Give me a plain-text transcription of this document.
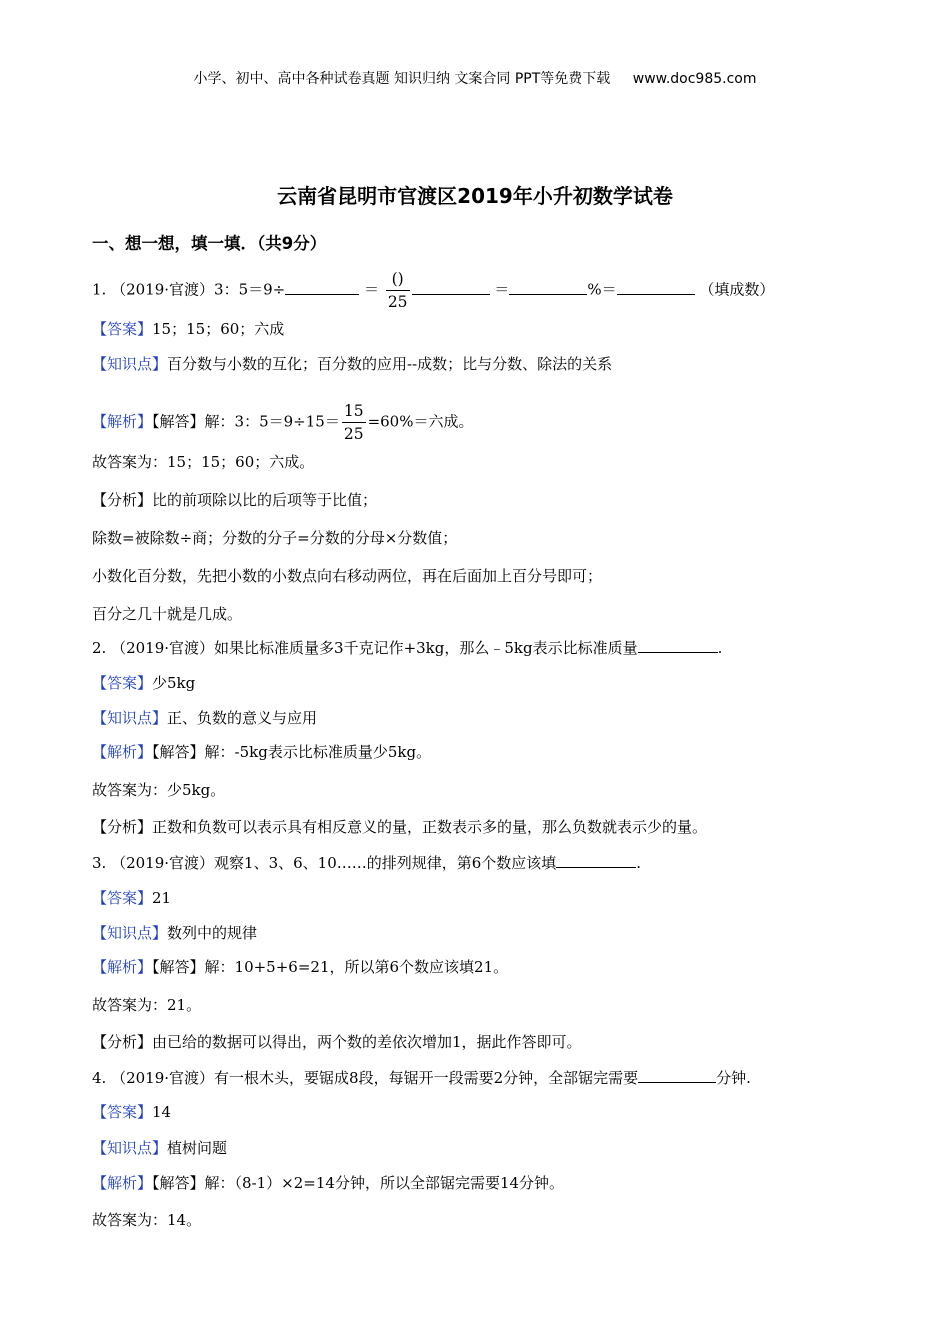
小学、初中、高中各种试卷真题 知识归纳 文案合同 PPT等免费下载 www.doc985.com
云南省昆明市官渡区2019年小升初数学试卷
一、想一想，填一填．（共9分）
1. （2019·官渡）3：5＝9÷	＝ $\frac{()}{25}$	＝	%＝	（填成数）
【答案】15；15；60；六成
【知识点】百分数与小数的互化；百分数的应用--成数；比与分数、除法的关系
【解析】【解答】解：3：$5=9\div 15= \frac{15}{25} =60\%=$六成。
故答案为：15；15；60；六成。
【分析】比的前项除以比的后项等于比值；
除数=被除数÷商；分数的分子=分数的分母×分数值；
小数化百分数，先把小数的小数点向右移动两位，再在后面加上百分号即可；
百分之几十就是几成。
2. （2019·官渡）如果比标准质量多3千克记作+3kg，那么﹣5kg表示比标准质量	.
【答案】少5kg
【知识点】正、负数的意义与应用
【解析】【解答】解：-5kg表示比标准质量少5kg。
故答案为：少5kg。
【分析】正数和负数可以表示具有相反意义的量，正数表示多的量，那么负数就表示少的量。
3. （2019·官渡）观察1、3、6、10……的排列规律，第6个数应该填	.
【答案】21
【知识点】数列中的规律
【解析】【解答】解：10+5+6=21，所以第6个数应该填21。
故答案为：21。
【分析】由已给的数据可以得出，两个数的差依次增加1，据此作答即可。
4. （2019·官渡）有一根木头，要锯成8段，每锯开一段需要2分钟，全部锯完需要	分钟.
【答案】14
【知识点】植树问题
【解析】【解答】解：（8-1）×2=14分钟，所以全部锯完需要14分钟。
故答案为：14。
